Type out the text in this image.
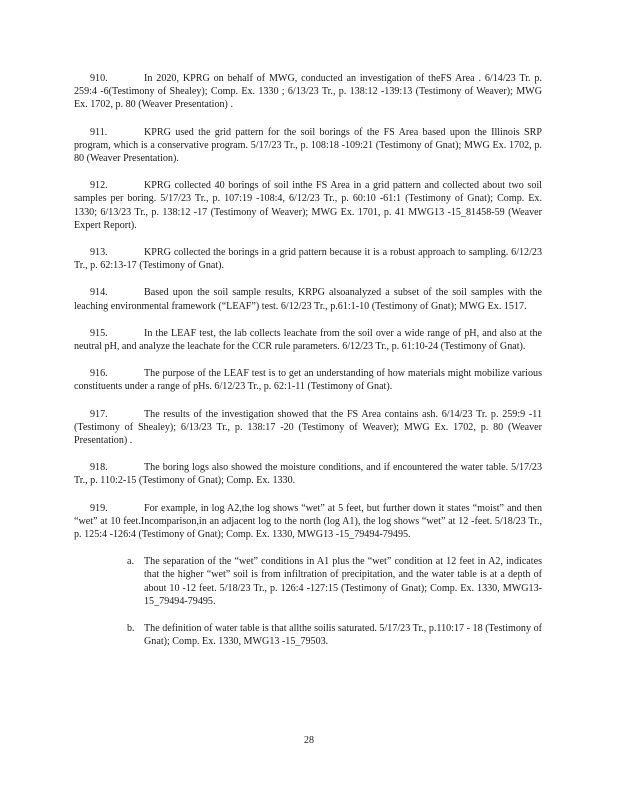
910.	In 2020, KPRG on behalf of MWG, conducted an investigation of theFS Area . 6/14/23 Tr. p. 259:4 -6(Testimony of Shealey); Comp. Ex. 1330 ; 6/13/23 Tr., p. 138:12 -139:13 (Testimony of Weaver); MWG Ex. 1702, p. 80 (Weaver Presentation) .

911.	KPRG used the grid pattern for the soil borings of the FS Area based upon the Illinois SRP program, which is a conservative program. 5/17/23 Tr., p. 108:18 -109:21 (Testimony of Gnat); MWG Ex. 1702, p. 80 (Weaver Presentation).

912.	KPRG collected 40 borings of soil inthe FS Area in a grid pattern and collected about two soil samples per boring. 5/17/23 Tr., p. 107:19 -108:4, 6/12/23 Tr., p. 60:10 -61:1 (Testimony of Gnat); Comp. Ex. 1330; 6/13/23 Tr., p. 138:12 -17 (Testimony of Weaver); MWG Ex. 1701, p. 41 MWG13 -15_81458-59 (Weaver Expert Report).

913.	KPRG collected the borings in a grid pattern because it is a robust approach to sampling. 6/12/23 Tr., p. 62:13-17 (Testimony of Gnat).

914.	Based upon the soil sample results, KRPG alsoanalyzed a subset of the soil samples with the leaching environmental framework (“LEAF”) test. 6/12/23 Tr., p.61:1-10 (Testimony of Gnat); MWG Ex. 1517.

915.	In the LEAF test, the lab collects leachate from the soil over a wide range of pH, and also at the neutral pH, and analyze the leachate for the CCR rule parameters. 6/12/23 Tr., p. 61:10-24 (Testimony of Gnat).

916.	The purpose of the LEAF test is to get an understanding of how materials might mobilize various constituents under a range of pHs. 6/12/23 Tr., p. 62:1-11 (Testimony of Gnat).

917.	The results of the investigation showed that the FS Area contains ash. 6/14/23 Tr. p. 259:9 -11 (Testimony of Shealey); 6/13/23 Tr., p. 138:17 -20 (Testimony of Weaver); MWG Ex. 1702, p. 80 (Weaver Presentation) .

918.	The boring logs also showed the moisture conditions, and if encountered the water table. 5/17/23 Tr., p. 110:2-15 (Testimony of Gnat); Comp. Ex. 1330.

919.	For example, in log A2,the log shows “wet” at 5 feet, but further down it states “moist” and then “wet” at 10 feet.Incomparison,in an adjacent log to the north (log A1), the log shows “wet” at 12 -feet. 5/18/23 Tr., p. 125:4 -126:4 (Testimony of Gnat); Comp. Ex. 1330, MWG13 -15_79494-79495.

a. The separation of the “wet” conditions in A1 plus the “wet” condition at 12 feet in A2, indicates that the higher “wet” soil is from infiltration of precipitation, and the water table is at a depth of about 10 -12 feet. 5/18/23 Tr., p. 126:4 -127:15 (Testimony of Gnat); Comp. Ex. 1330, MWG13-15_79494-79495.

b. The definition of water table is that allthe soilis saturated. 5/17/23 Tr., p.110:17 - 18 (Testimony of Gnat); Comp. Ex. 1330, MWG13 -15_79503.

28
